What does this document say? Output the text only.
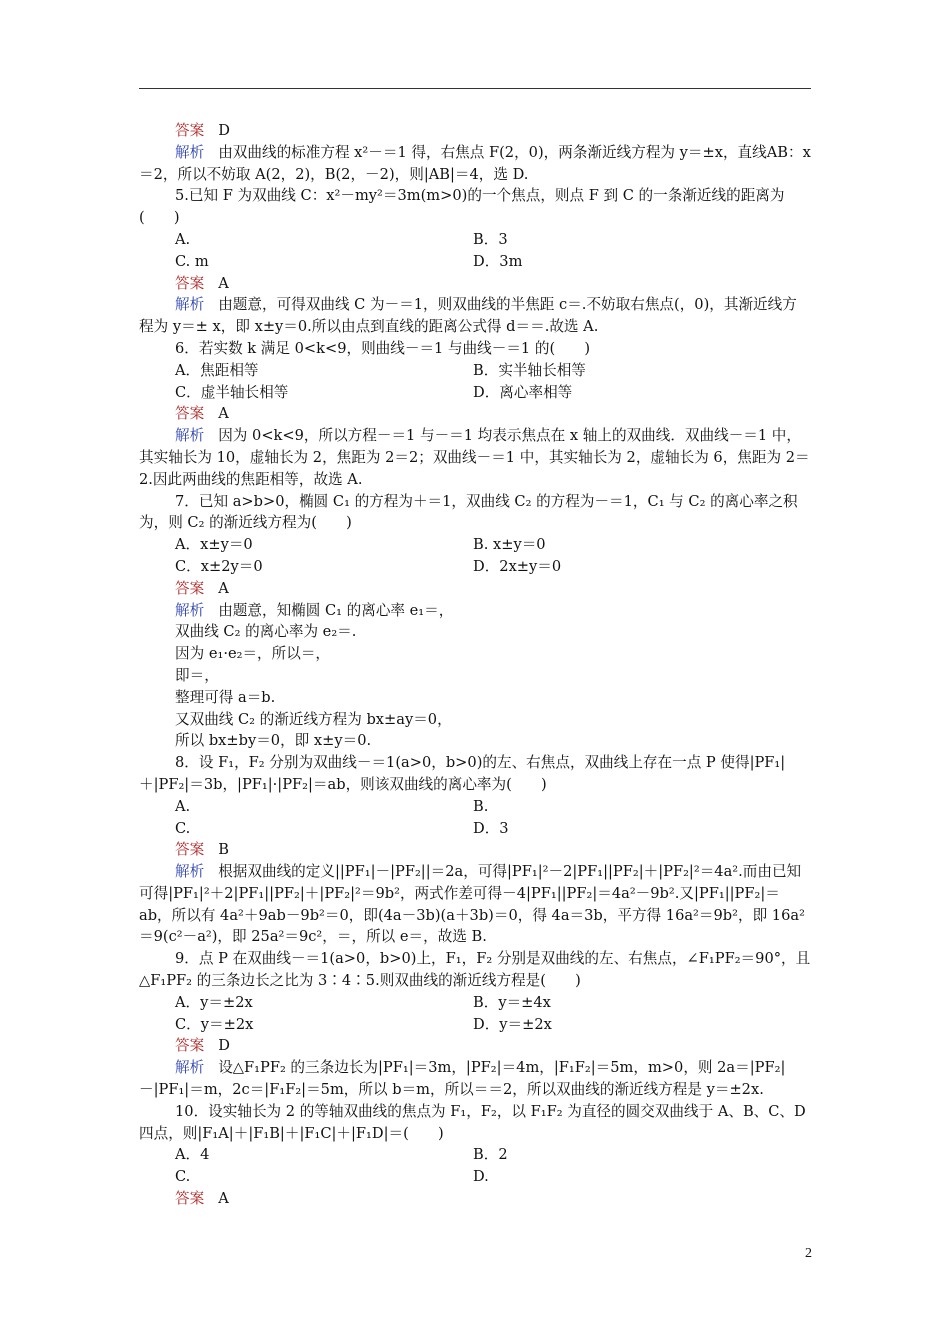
答案 D
解析 由双曲线的标准方程 x²－＝1 得，右焦点 F(2，0)，两条渐近线方程为 y＝±x，直线AB：x＝2，所以不妨取 A(2，2)，B(2，－2)，则|AB|＝4，选 D.
5.已知 F 为双曲线 C：x²－my²＝3m(m>0)的一个焦点，则点 F 到 C 的一条渐近线的距离为(　　)
A.	B．3
C. m	D．3m
答案 A
解析 由题意，可得双曲线 C 为－＝1，则双曲线的半焦距 c＝.不妨取右焦点(，0)，其渐近线方程为 y＝± x，即 x±y＝0.所以由点到直线的距离公式得 d＝＝.故选 A.
6．若实数 k 满足 0<k<9，则曲线－＝1 与曲线－＝1 的(　　)
A．焦距相等	B．实半轴长相等
C．虚半轴长相等	D．离心率相等
答案 A
解析 因为 0<k<9，所以方程－＝1 与－＝1 均表示焦点在 x 轴上的双曲线．双曲线－＝1 中，其实轴长为 10，虚轴长为 2，焦距为 2＝2；双曲线－＝1 中，其实轴长为 2，虚轴长为 6，焦距为 2＝2.因此两曲线的焦距相等，故选 A.
7．已知 a>b>0，椭圆 C₁ 的方程为＋＝1，双曲线 C₂ 的方程为－＝1，C₁ 与 C₂ 的离心率之积为，则 C₂ 的渐近线方程为(　　)
A．x±y＝0	B. x±y＝0
C．x±2y＝0	D．2x±y＝0
答案 A
解析 由题意，知椭圆 C₁ 的离心率 e₁＝，
双曲线 C₂ 的离心率为 e₂＝.
因为 e₁·e₂＝，所以＝，
即＝，
整理可得 a＝b.
又双曲线 C₂ 的渐近线方程为 bx±ay＝0，
所以 bx±by＝0，即 x±y＝0.
8．设 F₁，F₂ 分别为双曲线－＝1(a>0，b>0)的左、右焦点，双曲线上存在一点 P 使得|PF₁|＋|PF₂|＝3b，|PF₁|·|PF₂|＝ab，则该双曲线的离心率为(　　)
A.	B.
C.	D．3
答案 B
解析 根据双曲线的定义||PF₁|－|PF₂||＝2a，可得|PF₁|²－2|PF₁||PF₂|＋|PF₂|²＝4a².而由已知可得|PF₁|²＋2|PF₁||PF₂|＋|PF₂|²＝9b²，两式作差可得－4|PF₁||PF₂|＝4a²－9b².又|PF₁||PF₂|＝ab，所以有 4a²＋9ab－9b²＝0，即(4a－3b)(a＋3b)＝0，得 4a＝3b，平方得 16a²＝9b²，即 16a²＝9(c²－a²)，即 25a²＝9c²，＝，所以 e＝，故选 B.
9．点 P 在双曲线－＝1(a>0，b>0)上，F₁，F₂ 分别是双曲线的左、右焦点，∠F₁PF₂＝90°，且△F₁PF₂ 的三条边长之比为 3∶4∶5.则双曲线的渐近线方程是(　　)
A．y＝±2x	B．y＝±4x
C．y＝±2x	D．y＝±2x
答案 D
解析 设△F₁PF₂ 的三条边长为|PF₁|＝3m，|PF₂|＝4m，|F₁F₂|＝5m，m>0，则 2a＝|PF₂|－|PF₁|＝m，2c＝|F₁F₂|＝5m，所以 b＝m，所以＝＝2，所以双曲线的渐近线方程是 y＝±2x.
10．设实轴长为 2 的等轴双曲线的焦点为 F₁，F₂，以 F₁F₂ 为直径的圆交双曲线于 A、B、C、D 四点，则|F₁A|＋|F₁B|＋|F₁C|＋|F₁D|＝(　　)
A．4	B．2
C.	D.
答案 A
2
